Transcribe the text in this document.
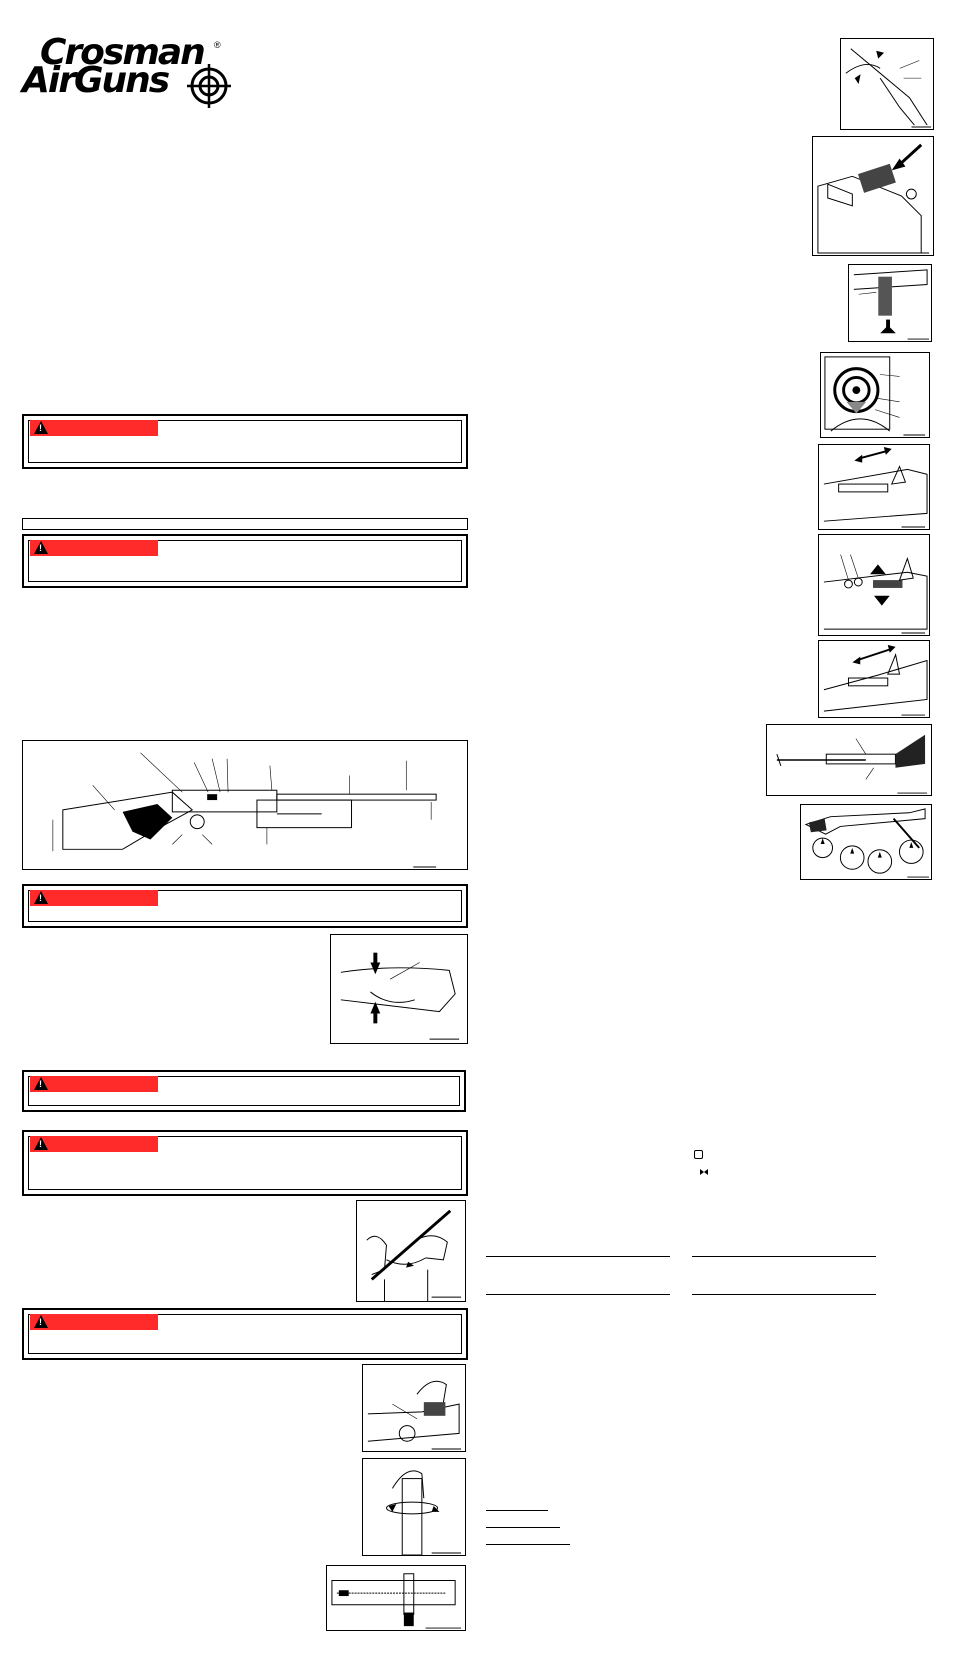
Crosman
AirGuns
®
!
!
!
!
!
!
